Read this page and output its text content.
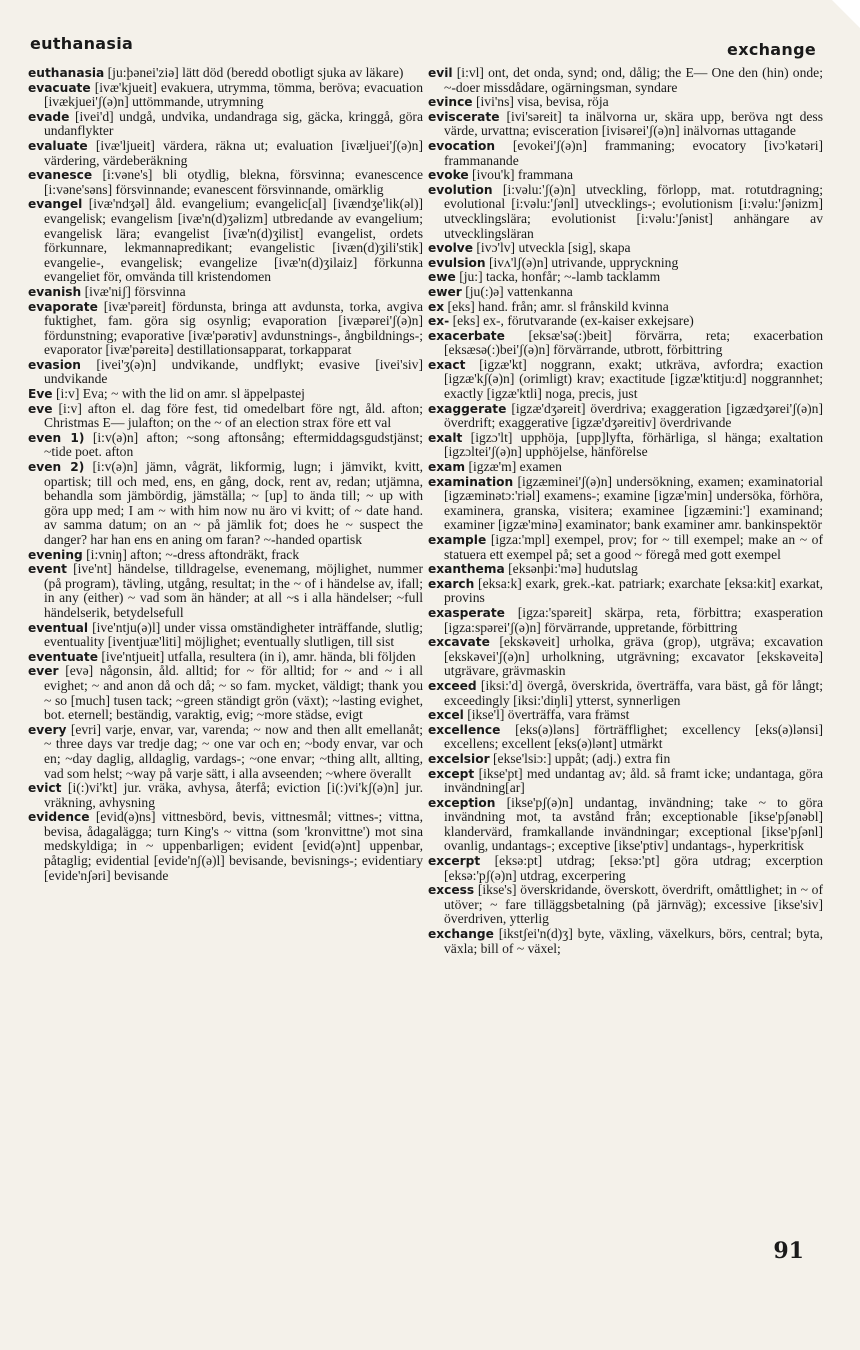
euthanasia	exchange

euthanasia [ju:þənei'ziə] lätt död (beredd obotligt sjuka av läkare)

evacuate [ivæ'kjueit] evakuera, utrymma, tömma, beröva; evacuation [ivækjuei'ʃ(ə)n] uttömmande, utrymning

evade [ivei'd] undgå, undvika, undandraga sig, gäcka, kringgå, göra undanflykter

evaluate [ivæ'ljueit] värdera, räkna ut; evaluation [ivæljuei'ʃ(ə)n] värdering, värdeberäkning

evanesce [i:vəne's] bli otydlig, blekna, försvinna; evanescence [i:vəne'səns] försvinnande; evanescent försvinnande, omärklig

evangel [ivæ'ndʒəl] åld. evangelium; evangelic[al] [ivændʒe'lik(əl)] evangelisk; evangelism [ivæ'n(d)ʒəlizm] utbredande av evangelium; evangelisk lära; evangelist [ivæ'n(d)ʒilist] evangelist, ordets förkunnare, lekmannapredikant; evangelistic [ivæn(d)ʒili'stik] evangelie-, evangelisk; evangelize [ivæ'n(d)ʒilaiz] förkunna evangeliet för, omvända till kristendomen

evanish [ivæ'niʃ] försvinna

evaporate [ivæ'pəreit] fördunsta, bringa att avdunsta, torka, avgiva fuktighet, fam. göra sig osynlig; evaporation [ivæpərei'ʃ(ə)n] fördunstning; evaporative [ivæ'pərətiv] avdunstnings-, ångbildnings-; evaporator [ivæ'pəreitə] destillationsapparat, torkapparat

evasion [ivei'ʒ(ə)n] undvikande, undflykt; evasive [ivei'siv] undvikande

Eve [i:v] Eva; ~ with the lid on amr. sl äppelpastej

eve [i:v] afton el. dag före fest, tid omedelbart före ngt, åld. afton; Christmas E— julafton; on the ~ of an election strax före ett val

even 1) [i:v(ə)n] afton; ~song aftonsång; eftermiddagsgudstjänst; ~tide poet. afton

even 2) [i:v(ə)n] jämn, vågrät, likformig, lugn; i jämvikt, kvitt, opartisk; till och med, ens, en gång, dock, rent av, redan; utjämna, behandla som jämbördig, jämställa; ~ [up] to ända till; ~ up with göra upp med; I am ~ with him now nu äro vi kvitt; of ~ date hand. av samma datum; on an ~ på jämlik fot; does he ~ suspect the danger? har han ens en aning om faran? ~-handed opartisk

evening [i:vniŋ] afton; ~-dress aftondräkt, frack

event [ive'nt] händelse, tilldragelse, evenemang, möjlighet, nummer (på program), tävling, utgång, resultat; in the ~ of i händelse av, ifall; in any (either) ~ vad som än händer; at all ~s i alla händelser; ~full händelserik, betydelsefull

eventual [ive'ntju(ə)l] under vissa omständigheter inträffande, slutlig; eventuality [iventjuæ'liti] möjlighet; eventually slutligen, till sist

eventuate [ive'ntjueit] utfalla, resultera (in i), amr. hända, bli följden

ever [evə] någonsin, åld. alltid; for ~ för alltid; for ~ and ~ i all evighet; ~ and anon då och då; ~ so fam. mycket, väldigt; thank you ~ so [much] tusen tack; ~green ständigt grön (växt); ~lasting evighet, bot. eternell; beständig, varaktig, evig; ~more städse, evigt

every [evri] varje, envar, var, varenda; ~ now and then allt emellanåt; ~ three days var tredje dag; ~ one var och en; ~body envar, var och en; ~day daglig, alldaglig, vardags-; ~one envar; ~thing allt, allting, vad som helst; ~way på varje sätt, i alla avseenden; ~where överallt

evict [i(:)vi'kt] jur. vräka, avhysa, återfå; eviction [i(:)vi'kʃ(ə)n] jur. vräkning, avhysning

evidence [evid(ə)ns] vittnesbörd, bevis, vittnesmål; vittnes-; vittna, bevisa, ådagalägga; turn King's ~ vittna (som 'kronvittne') mot sina medskyldiga; in ~ uppenbarligen; evident [evid(ə)nt] uppenbar, påtaglig; evidential [evide'nʃ(ə)l] bevisande, bevisnings-; evidentiary [evide'nʃəri] bevisande

evil [i:vl] ont, det onda, synd; ond, dålig; the E— One den (hin) onde; ~-doer missdådare, ogärningsman, syndare

evince [ivi'ns] visa, bevisa, röja

eviscerate [ivi'səreit] ta inälvorna ur, skära upp, beröva ngt dess värde, urvattna; evisceration [ivisərei'ʃ(ə)n] inälvornas uttagande

evocation [evokei'ʃ(ə)n] frammaning; evocatory [ivɔ'kətəri] frammanande

evoke [ivou'k] frammana

evolution [i:vəlu:'ʃ(ə)n] utveckling, förlopp, mat. rotutdragning; evolutional [i:vəlu:'ʃənl] utvecklings-; evolutionism [i:vəlu:'ʃənizm] utvecklingslära; evolutionist [i:vəlu:'ʃənist] anhängare av utvecklingsläran

evolve [ivɔ'lv] utveckla [sig], skapa

evulsion [ivʌ'lʃ(ə)n] utrivande, uppryckning

ewe [ju:] tacka, honfår; ~-lamb tacklamm

ewer [ju(:)ə] vattenkanna

ex [eks] hand. från; amr. sl frånskild kvinna

ex- [eks] ex-, förutvarande (ex-kaiser exkejsare)

exacerbate [eksæ'sə(:)beit] förvärra, reta; exacerbation [eksæsə(:)bei'ʃ(ə)n] förvärrande, utbrott, förbittring

exact [igzæ'kt] noggrann, exakt; utkräva, avfordra; exaction [igzæ'kʃ(ə)n] (orimligt) krav; exactitude [igzæ'ktitju:d] noggrannhet; exactly [igzæ'ktli] noga, precis, just

exaggerate [igzæ'dʒəreit] överdriva; exaggeration [igzædʒərei'ʃ(ə)n] överdrift; exaggerative [igzæ'dʒəreitiv] överdrivande

exalt [igzɔ'lt] upphöja, [upp]lyfta, förhärliga, sl hänga; exaltation [igzɔltei'ʃ(ə)n] upphöjelse, hänförelse

exam [igzæ'm] examen

examination [igzæminei'ʃ(ə)n] undersökning, examen; examinatorial [igzæminətɔ:'riəl] examens-; examine [igzæ'min] undersöka, förhöra, examinera, granska, visitera; examinee [igzæmini:'] examinand; examiner [igzæ'minə] examinator; bank examiner amr. bankinspektör

example [igza:'mpl] exempel, prov; for ~ till exempel; make an ~ of statuera ett exempel på; set a good ~ föregå med gott exempel

exanthema [eksənþi:'mə] hudutslag

exarch [eksa:k] exark, grek.-kat. patriark; exarchate [eksa:kit] exarkat, provins

exasperate [igza:'spəreit] skärpa, reta, förbittra; exasperation [igza:spərei'ʃ(ə)n] förvärrande, uppretande, förbittring

excavate [ekskəveit] urholka, gräva (grop), utgräva; excavation [ekskəvei'ʃ(ə)n] urholkning, utgrävning; excavator [ekskəveitə] utgrävare, grävmaskin

exceed [iksi:'d] övergå, överskrida, överträffa, vara bäst, gå för långt; exceedingly [iksi:'diŋli] ytterst, synnerligen

excel [ikse'l] överträffa, vara främst

excellence [eks(ə)ləns] förträfflighet; excellency [eks(ə)lənsi] excellens; excellent [eks(ə)lənt] utmärkt

excelsior [ekse'lsiɔ:] uppåt; (adj.) extra fin

except [ikse'pt] med undantag av; åld. så framt icke; undantaga, göra invändning[ar]

exception [ikse'pʃ(ə)n] undantag, invändning; take ~ to göra invändning mot, ta avstånd från; exceptionable [ikse'pʃənəbl] klandervärd, framkallande invändningar; exceptional [ikse'pʃənl] ovanlig, undantags-; exceptive [ikse'ptiv] undantags-, hyperkritisk

excerpt [eksə:pt] utdrag; [eksə:'pt] göra utdrag; excerption [eksə:'pʃ(ə)n] utdrag, excerpering

excess [ikse's] överskridande, överskott, överdrift, omåttlighet; in ~ of utöver; ~ fare tilläggsbetalning (på järnväg); excessive [ikse'siv] överdriven, ytterlig

exchange [ikstʃei'n(d)ʒ] byte, växling, växelkurs, börs, central; byta, växla; bill of ~ växel;

91
